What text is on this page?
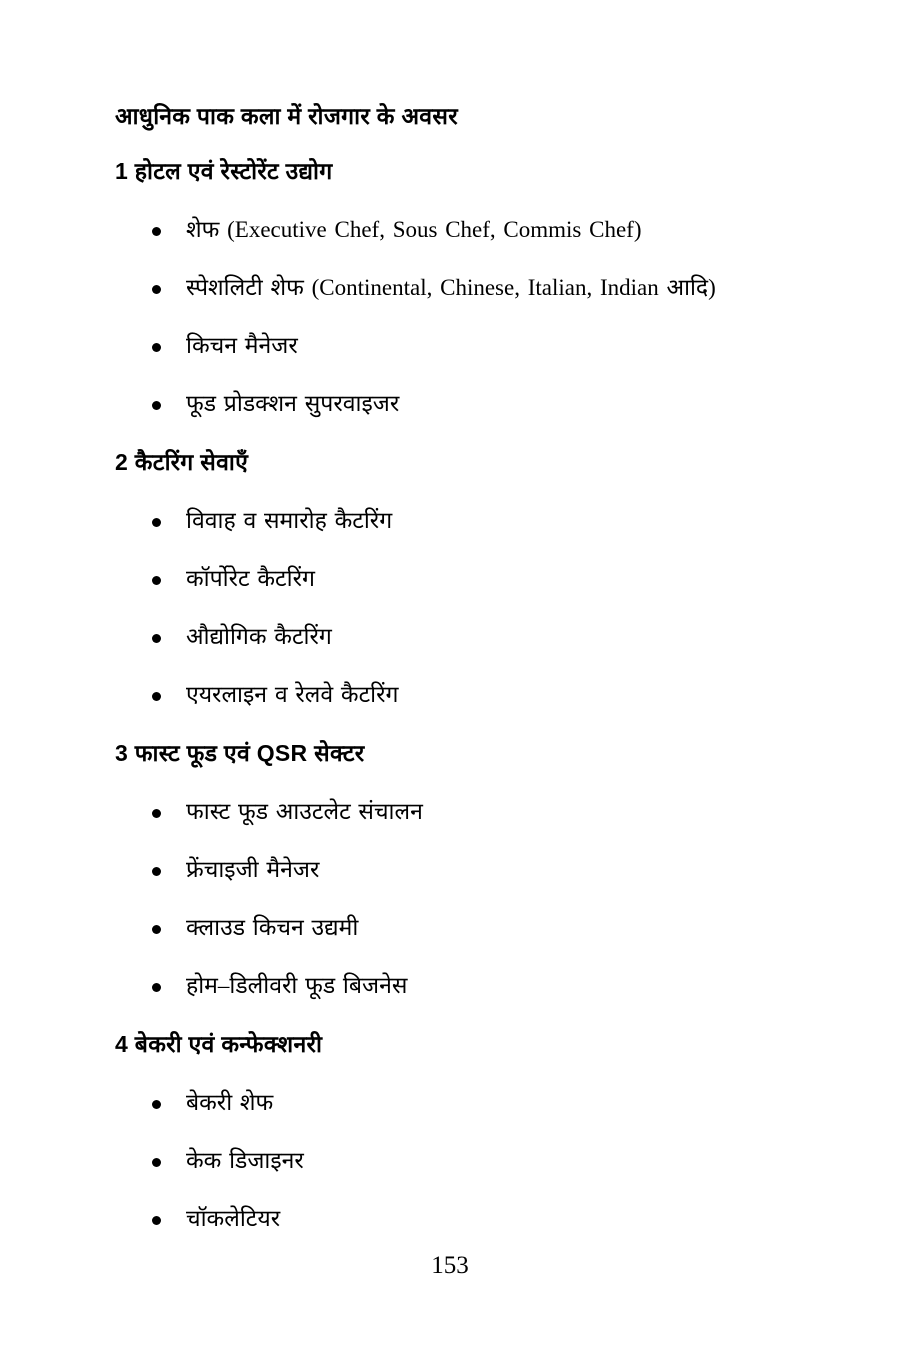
आधुनिक पाक कला में रोजगार के अवसर
1 होटल एवं रेस्टोरेंट उद्योग
शेफ (Executive Chef, Sous Chef, Commis Chef)
स्पेशलिटी शेफ (Continental, Chinese, Italian, Indian आदि)
किचन मैनेजर
फूड प्रोडक्शन सुपरवाइजर
2 कैटरिंग सेवाएँ
विवाह व समारोह कैटरिंग
कॉर्पोरेट कैटरिंग
औद्योगिक कैटरिंग
एयरलाइन व रेलवे कैटरिंग
3 फास्ट फूड एवं QSR सेक्टर
फास्ट फूड आउटलेट संचालन
फ्रेंचाइजी मैनेजर
क्लाउड किचन उद्यमी
होम–डिलीवरी फूड बिजनेस
4 बेकरी एवं कन्फेक्शनरी
बेकरी शेफ
केक डिजाइनर
चॉकलेटियर
153
